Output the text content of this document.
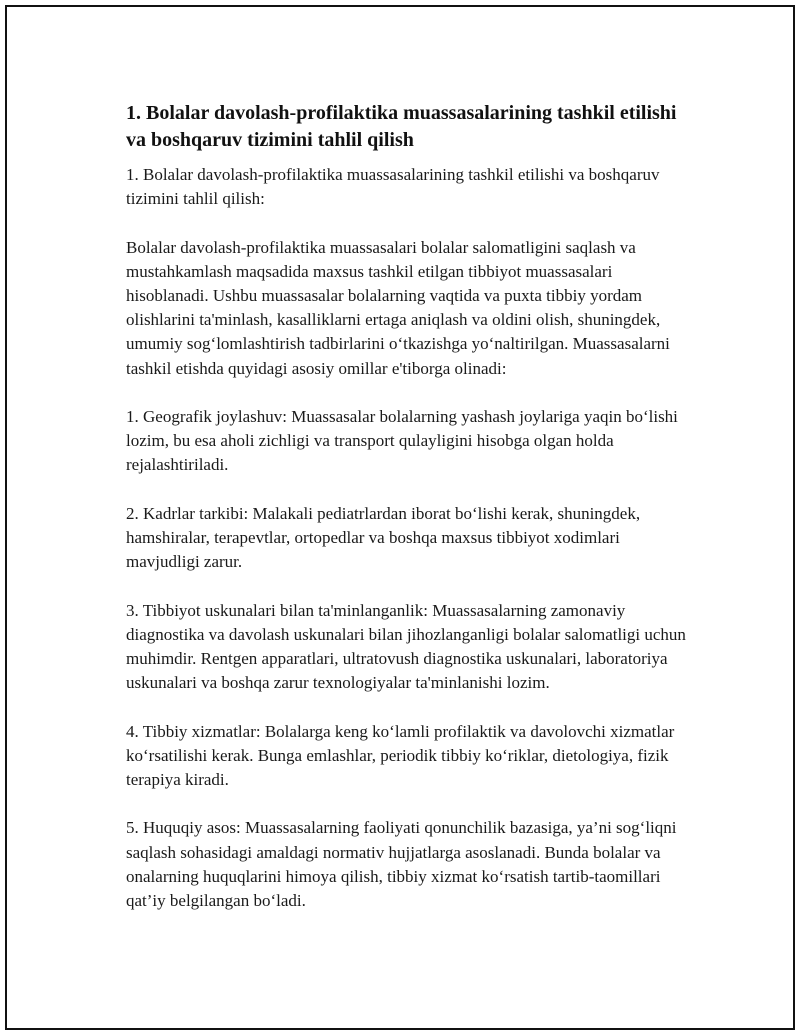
1. Bolalar davolash-profilaktika muassasalarining tashkil etilishi va boshqaruv tizimini tahlil qilish

1. Bolalar davolash-profilaktika muassasalarining tashkil etilishi va boshqaruv tizimini tahlil qilish:

Bolalar davolash-profilaktika muassasalari bolalar salomatligini saqlash va mustahkamlash maqsadida maxsus tashkil etilgan tibbiyot muassasalari hisoblanadi. Ushbu muassasalar bolalarning vaqtida va puxta tibbiy yordam olishlarini ta'minlash, kasalliklarni ertaga aniqlash va oldini olish, shuningdek, umumiy sog‘lomlashtirish tadbirlarini o‘tkazishga yo‘naltirilgan. Muassasalarni tashkil etishda quyidagi asosiy omillar e'tiborga olinadi:

1. Geografik joylashuv: Muassasalar bolalarning yashash joylariga yaqin bo‘lishi lozim, bu esa aholi zichligi va transport qulayligini hisobga olgan holda rejalashtiriladi.

2. Kadrlar tarkibi: Malakali pediatrlardan iborat bo‘lishi kerak, shuningdek, hamshiralar, terapevtlar, ortopedlar va boshqa maxsus tibbiyot xodimlari mavjudligi zarur.

3. Tibbiyot uskunalari bilan ta'minlanganlik: Muassasalarning zamonaviy diagnostika va davolash uskunalari bilan jihozlanganligi bolalar salomatligi uchun muhimdir. Rentgen apparatlari, ultratovush diagnostika uskunalari, laboratoriya uskunalari va boshqa zarur texnologiyalar ta'minlanishi lozim.

4. Tibbiy xizmatlar: Bolalarga keng ko‘lamli profilaktik va davolovchi xizmatlar ko‘rsatilishi kerak. Bunga emlashlar, periodik tibbiy ko‘riklar, dietologiya, fizik terapiya kiradi.

5. Huquqiy asos: Muassasalarning faoliyati qonunchilik bazasiga, ya’ni sog‘liqni saqlash sohasidagi amaldagi normativ hujjatlarga asoslanadi. Bunda bolalar va onalarning huquqlarini himoya qilish, tibbiy xizmat ko‘rsatish tartib-taomillari qat’iy belgilangan bo‘ladi.
